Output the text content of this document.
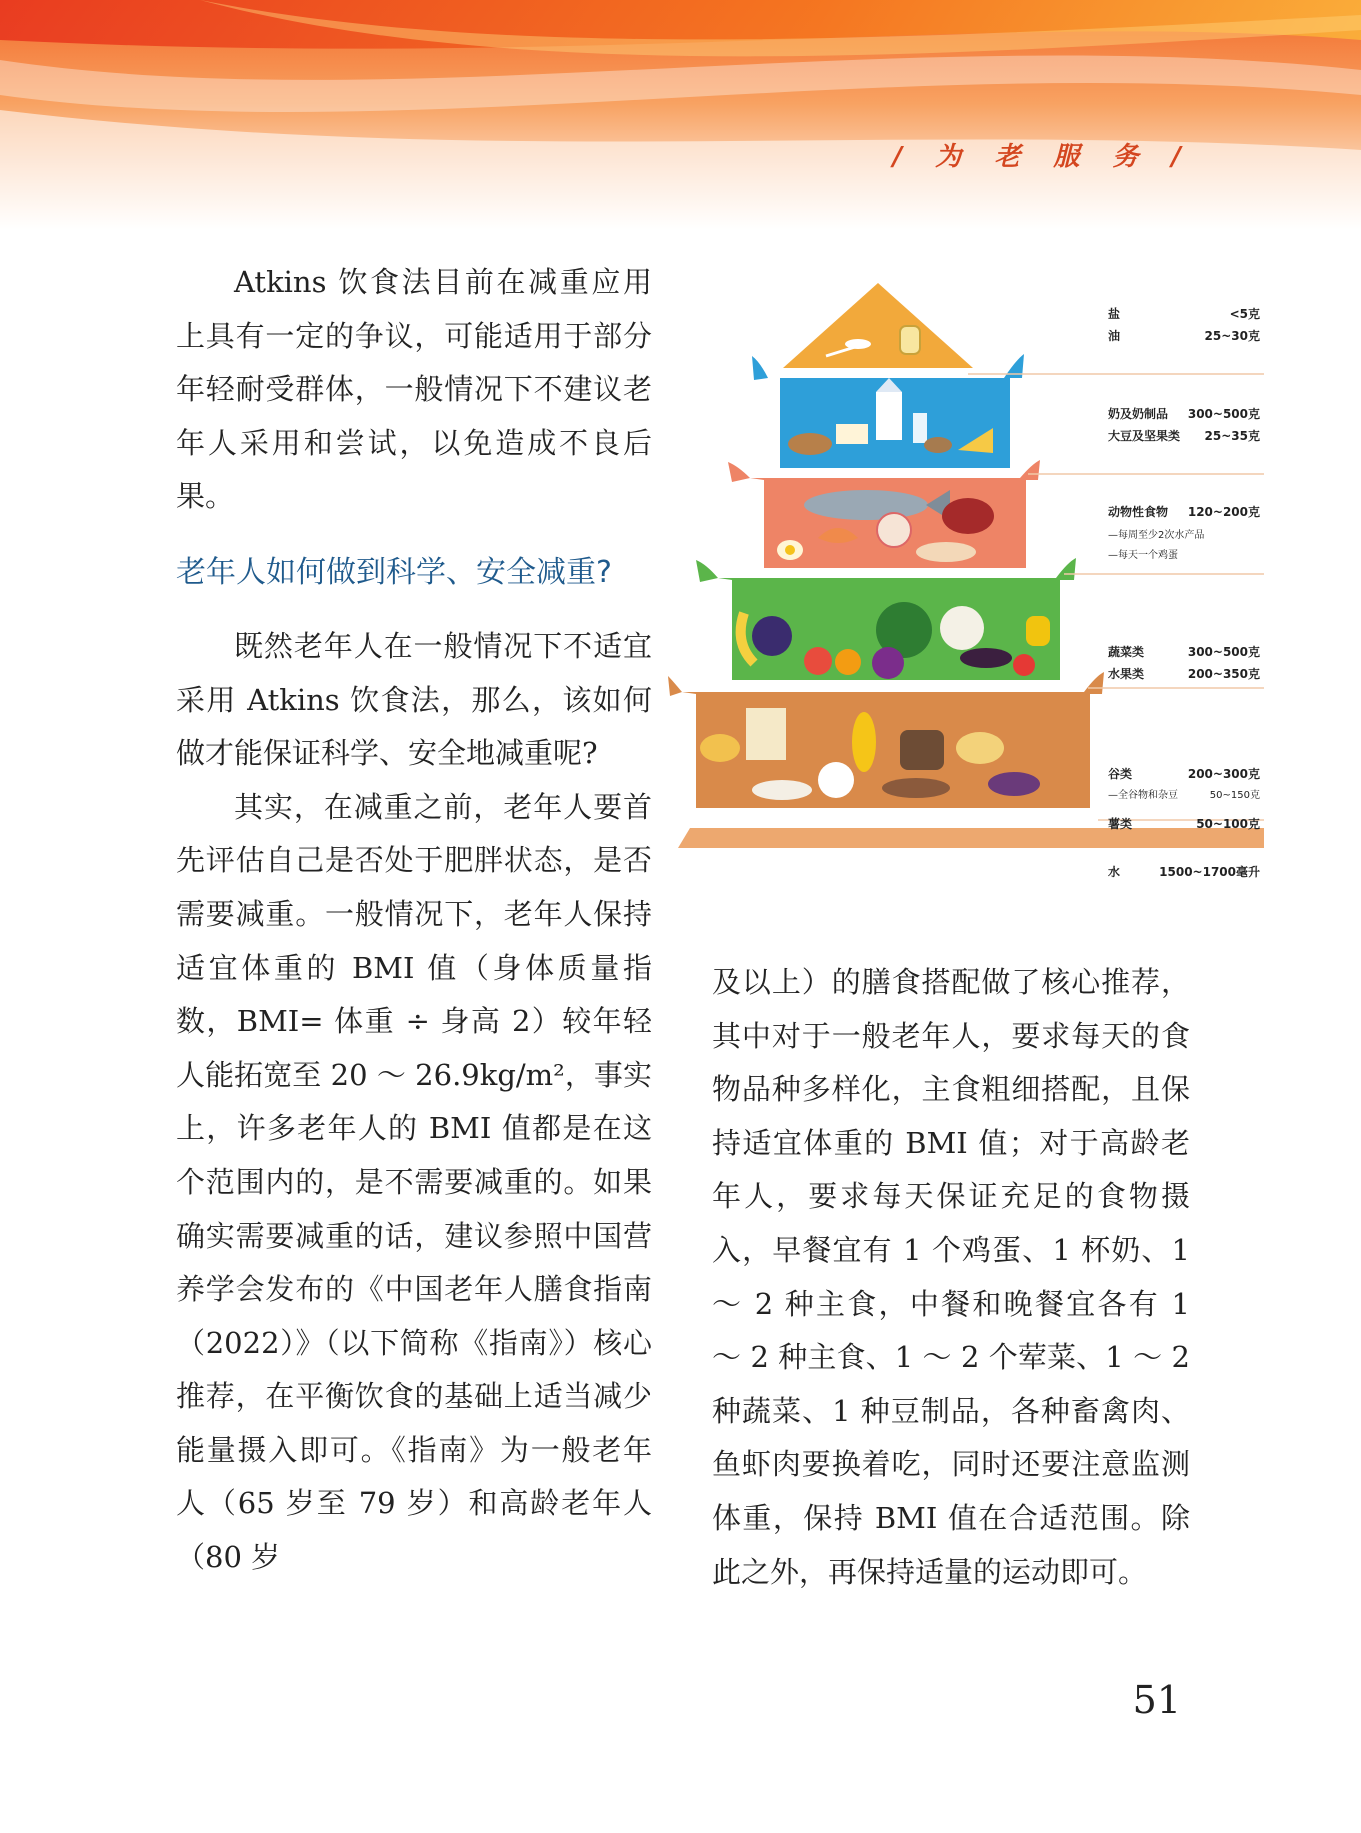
/ 为 老 服 务 /

Atkins 饮食法目前在减重应用上具有一定的争议，可能适用于部分年轻耐受群体，一般情况下不建议老年人采用和尝试，以免造成不良后果。

老年人如何做到科学、安全减重?

既然老年人在一般情况下不适宜采用 Atkins 饮食法，那么，该如何做才能保证科学、安全地减重呢?

其实，在减重之前，老年人要首先评估自己是否处于肥胖状态，是否需要减重。一般情况下，老年人保持适宜体重的 BMI 值（身体质量指数，BMI= 体重 ÷ 身高 2）较年轻人能拓宽至 20 ～ 26.9kg/m²，事实上，许多老年人的 BMI 值都是在这个范围内的，是不需要减重的。如果确实需要减重的话，建议参照中国营养学会发布的《中国老年人膳食指南（2022）》（以下简称《指南》）核心推荐，在平衡饮食的基础上适当减少能量摄入即可。《指南》为一般老年人（65 岁至 79 岁）和高龄老年人（80 岁

盐	<5克
油	25~30克
奶及奶制品 300~500克
大豆及坚果类 25~35克
动物性食物 120~200克
—每周至少2次水产品
—每天一个鸡蛋
蔬菜类	300~500克
水果类	200~350克
谷类	200~300克
—全谷物和杂豆	50~150克
薯类	50~100克
水	1500~1700毫升

及以上）的膳食搭配做了核心推荐，其中对于一般老年人，要求每天的食物品种多样化，主食粗细搭配，且保持适宜体重的 BMI 值；对于高龄老年人，要求每天保证充足的食物摄入，早餐宜有 1 个鸡蛋、1 杯奶、1 ～ 2 种主食，中餐和晚餐宜各有 1 ～ 2 种主食、1 ～ 2 个荤菜、1 ～ 2 种蔬菜、1 种豆制品，各种畜禽肉、鱼虾肉要换着吃，同时还要注意监测体重，保持 BMI 值在合适范围。除此之外，再保持适量的运动即可。

51
